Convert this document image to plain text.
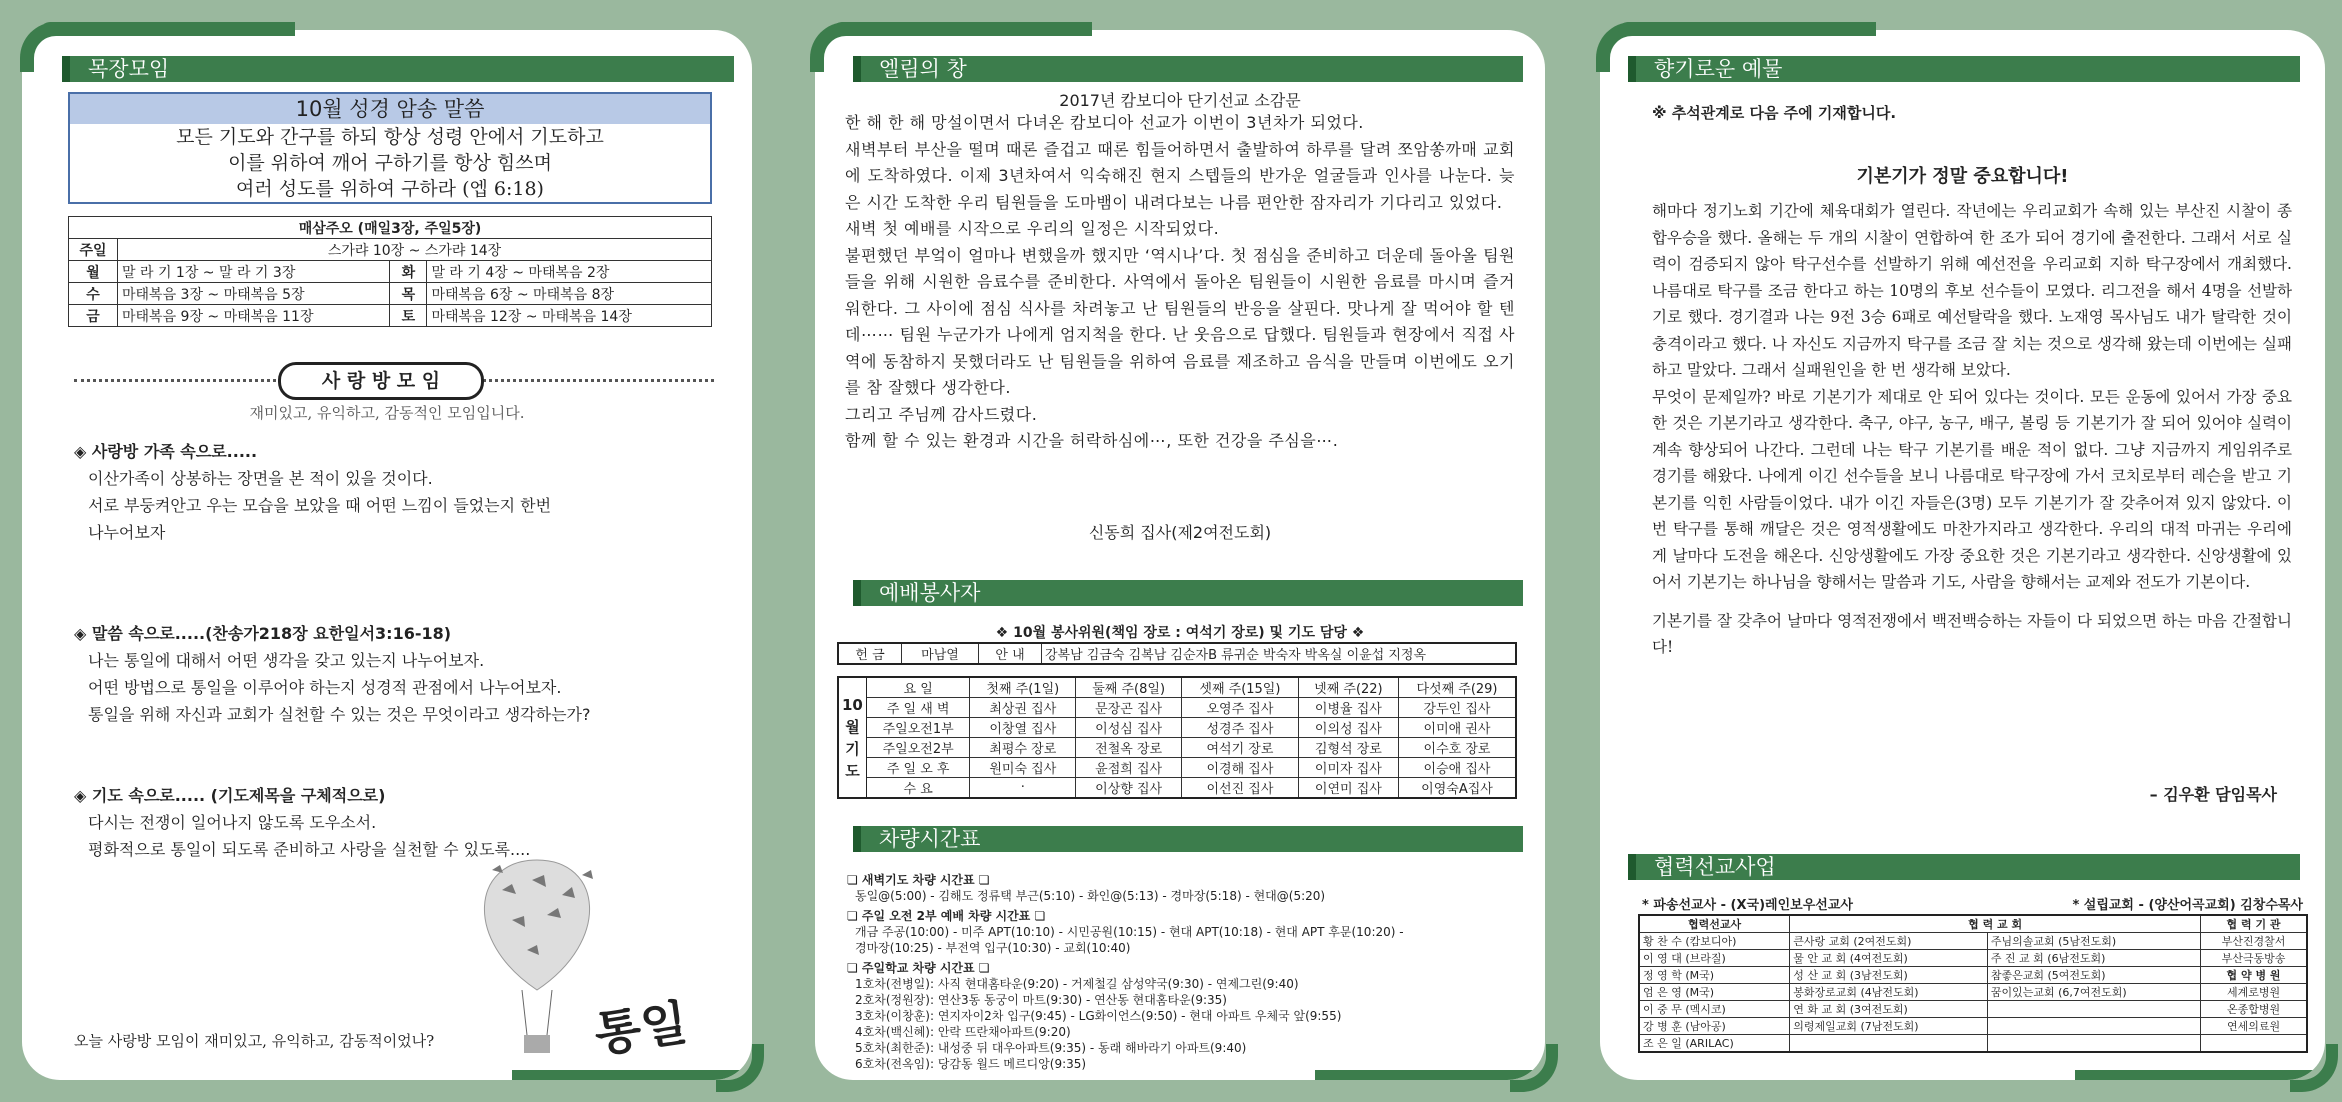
목장모임
10월 성경 암송 말씀
모든 기도와 간구를 하되 항상 성령 안에서 기도하고
이를 위하여 깨어 구하기를 항상 힘쓰며
여러 성도를 위하여 구하라 (엡 6:18)
매삼주오 (매일3장, 주일5장)			
주일	스가랴 10장 ~ 스가랴 14장		
월	말 라 기 1장 ~ 말 라 기 3장	화	말 라 기 4장 ~ 마태복음 2장
수	마태복음 3장 ~ 마태복음 5장	목	마태복음 6장 ~ 마태복음 8장
금	마태복음 9장 ~ 마태복음 11장	토	마태복음 12장 ~ 마태복음 14장
사 랑 방 모 임
재미있고, 유익하고, 감동적인 모임입니다.
◈ 사랑방 가족 속으로.....
이산가족이 상봉하는 장면을 본 적이 있을 것이다.
서로 부둥켜안고 우는 모습을 보았을 때 어떤 느낌이 들었는지 한번
나누어보자
◈ 말씀 속으로.....(찬송가218장 요한일서3:16-18)
나는 통일에 대해서 어떤 생각을 갖고 있는지 나누어보자.
어떤 방법으로 통일을 이루어야 하는지 성경적 관점에서 나누어보자.
통일을 위해 자신과 교회가 실천할 수 있는 것은 무엇이라고 생각하는가?
◈ 기도 속으로..... (기도제목을 구체적으로)
다시는 전쟁이 일어나지 않도록 도우소서.
평화적으로 통일이 되도록 준비하고 사랑을 실천할 수 있도록....
통일
오늘 사랑방 모임이 재미있고, 유익하고, 감동적이었나?
엘림의 창
2017년 캄보디아 단기선교 소감문
한 해 한 해 망설이면서 다녀온 캄보디아 선교가 이번이 3년차가 되었다.
새벽부터 부산을 떨며 때론 즐겁고 때론 힘들어하면서 출발하여 하루를 달려 쪼암쏭까매 교회에 도착하였다. 이제 3년차여서 익숙해진 현지 스텝들의 반가운 얼굴들과 인사를 나눈다. 늦은 시간 도착한 우리 팀원들을 도마뱀이 내려다보는 나름 편안한 잠자리가 기다리고 있었다.
새벽 첫 예배를 시작으로 우리의 일정은 시작되었다.
불편했던 부엌이 얼마나 변했을까 했지만 ‘역시나’다. 첫 점심을 준비하고 더운데 돌아올 팀원들을 위해 시원한 음료수를 준비한다. 사역에서 돌아온 팀원들이 시원한 음료를 마시며 즐거워한다. 그 사이에 점심 식사를 차려놓고 난 팀원들의 반응을 살핀다. 맛나게 잘 먹어야 할 텐데⋯⋯ 팀원 누군가가 나에게 엄지척을 한다. 난 웃음으로 답했다. 팀원들과 현장에서 직접 사역에 동참하지 못했더라도 난 팀원들을 위하여 음료를 제조하고 음식을 만들며 이번에도 오기를 참 잘했다 생각한다.
그리고 주님께 감사드렸다.
함께 할 수 있는 환경과 시간을 허락하심에⋯, 또한 건강을 주심을⋯.
신동희 집사(제2여전도회)
예배봉사자
❖ 10월 봉사위원(책임 장로 : 여석기 장로) 및 기도 담당 ❖
헌 금	마남열	안 내	강복남 김금숙 김복남 김순자B 류귀순 박숙자 박옥실 이윤섭 지정옥
10월기도	요 일	첫째 주(1일)	둘째 주(8일)	셋째 주(15일)	넷째 주(22)	다섯째 주(29)
	주 일 새 벽	최상권 집사	문장곤 집사	오영주 집사	이병율 집사	강두인 집사
	주일오전1부	이창열 집사	이성심 집사	성경주 집사	이의성 집사	이미애 권사
	주일오전2부	최평수 장로	전철옥 장로	여석기 장로	김형석 장로	이수호 장로
	주 일 오 후	원미숙 집사	윤점희 집사	이경해 집사	이미자 집사	이승애 집사
	수 요	·	이상향 집사	이선진 집사	이연미 집사	이영숙A집사
차량시간표
❏ 새벽기도 차량 시간표 ❏
동일@(5:00) - 김해도 정류택 부근(5:10) - 화인@(5:13) - 경마장(5:18) - 현대@(5:20)
❏ 주일 오전 2부 예배 차량 시간표 ❏
개금 주공(10:00) - 미주 APT(10:10) - 시민공원(10:15) - 현대 APT(10:18) - 현대 APT 후문(10:20) -
경마장(10:25) - 부전역 입구(10:30) - 교회(10:40)
❏ 주일학교 차량 시간표 ❏
1호차(전병일): 사직 현대홈타운(9:20) - 거제철길 삼성약국(9:30) - 연제그린(9:40)
2호차(정원장): 연산3동 동궁이 마트(9:30) - 연산동 현대홈타운(9:35)
3호차(이창훈): 연지자이2차 입구(9:45) - LG화이언스(9:50) - 현대 아파트 우체국 앞(9:55)
4호차(백신혜): 안락 뜨란채아파트(9:20)
5호차(최한준): 내성중 뒤 대우아파트(9:35) - 동래 해바라기 아파트(9:40)
6호차(전옥임): 당감동 월드 메르디앙(9:35)
향기로운 예물
※ 추석관계로 다음 주에 기재합니다.
기본기가 정말 중요합니다!
해마다 정기노회 기간에 체육대회가 열린다. 작년에는 우리교회가 속해 있는 부산진 시찰이 종합우승을 했다. 올해는 두 개의 시찰이 연합하여 한 조가 되어 경기에 출전한다. 그래서 서로 실력이 검증되지 않아 탁구선수를 선발하기 위해 예선전을 우리교회 지하 탁구장에서 개최했다. 나름대로 탁구를 조금 한다고 하는 10명의 후보 선수들이 모였다. 리그전을 해서 4명을 선발하기로 했다. 경기결과 나는 9전 3승 6패로 예선탈락을 했다. 노재영 목사님도 내가 탈락한 것이 충격이라고 했다. 나 자신도 지금까지 탁구를 조금 잘 치는 것으로 생각해 왔는데 이번에는 실패하고 말았다. 그래서 실패원인을 한 번 생각해 보았다.
무엇이 문제일까? 바로 기본기가 제대로 안 되어 있다는 것이다. 모든 운동에 있어서 가장 중요한 것은 기본기라고 생각한다. 축구, 야구, 농구, 배구, 볼링 등 기본기가 잘 되어 있어야 실력이 계속 향상되어 나간다. 그런데 나는 탁구 기본기를 배운 적이 없다. 그냥 지금까지 게임위주로 경기를 해왔다. 나에게 이긴 선수들을 보니 나름대로 탁구장에 가서 코치로부터 레슨을 받고 기본기를 익힌 사람들이었다. 내가 이긴 자들은(3명) 모두 기본기가 잘 갖추어져 있지 않았다. 이번 탁구를 통해 깨달은 것은 영적생활에도 마찬가지라고 생각한다. 우리의 대적 마귀는 우리에게 날마다 도전을 해온다. 신앙생활에도 가장 중요한 것은 기본기라고 생각한다. 신앙생활에 있어서 기본기는 하나님을 향해서는 말씀과 기도, 사람을 향해서는 교제와 전도가 기본이다.
기본기를 잘 갖추어 날마다 영적전쟁에서 백전백승하는 자들이 다 되었으면 하는 마음 간절합니다!
– 김우환 담임목사
협력선교사업
* 파송선교사 - (X국)레인보우선교사	* 설립교회 - (양산어곡교회) 김창수목사
협력선교사	협 력 교 회		협 력 기 관
황 찬 수 (캄보디아)	큰사랑 교회 (2여전도회)	주님의솔교회 (5남전도회)	부산진경찰서
이 영 대 (브라질)	물 안 교 회 (4여전도회)	주 진 교 회 (6남전도회)	부산극동방송
정 영 학 (M국)	성 산 교 회 (3남전도회)	참좋은교회 (5여전도회)	협 약 병 원
엄 은 영 (M국)	봉화장로교회 (4남전도회)	꿈이있는교회 (6,7여전도회)	세계로병원
이 중 무 (멕시코)	연 화 교 회 (3여전도회)		온종합병원
강 병 훈 (남아공)	의령제일교회 (7남전도회)		연세의료원
조 은 일 (ARILAC)			
